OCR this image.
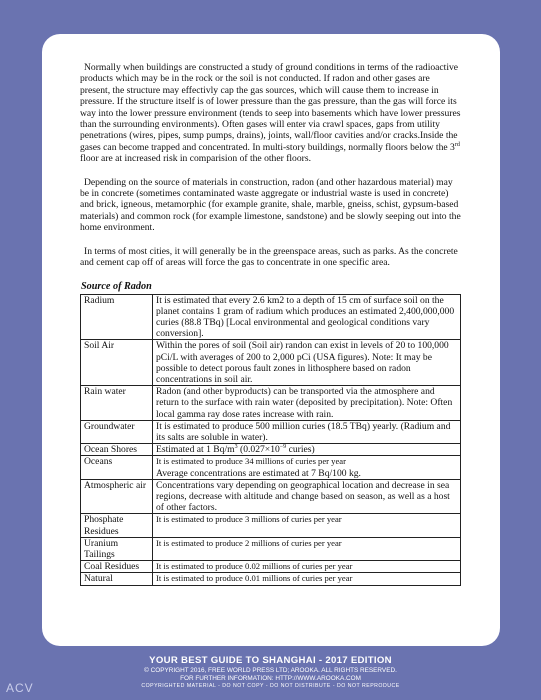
Normally when buildings are constructed a study of ground conditions in terms of the radioactive products which may be in the rock or the soil is not conducted. If radon and other gases are present, the structure may effectivly cap the gas sources, which will cause them to increase in pressure. If the structure itself is of lower pressure than the gas pressure, than the gas will force its way into the lower pressure environment (tends to seep into basements which have lower pressures than the surrounding environments). Often gases will enter via crawl spaces, gaps from utility penetrations (wires, pipes, sump pumps, drains), joints, wall/floor cavities and/or cracks.Inside the gases can become trapped and concentrated. In multi-story buildings, normally floors below the 3rd floor are at increased risk in comparision of the other floors.

Depending on the source of materials in construction, radon (and other hazardous material) may be in concrete (sometimes contaminated waste aggregate or industrial waste is used in concrete) and brick, igneous, metamorphic (for example granite, shale, marble, gneiss, schist, gypsum-based materials) and common rock (for example limestone, sandstone) and be slowly seeping out into the home environment.

In terms of most cities, it will generally be in the greenspace areas, such as parks. As the concrete and cement cap off of areas will force the gas to concentrate in one specific area.

Source of Radon
Radium	It is estimated that every 2.6 km2 to a depth of 15 cm of surface soil on the planet contains 1 gram of radium which produces an estimated 2,400,000,000 curies (88.8 TBq) [Local environmental and geological conditions vary conversion].
Soil Air	Within the pores of soil (Soil air) randon can exist in levels of 20 to 100,000 pCi/L with averages of 200 to 2,000 pCi (USA figures). Note: It may be possible to detect porous fault zones in lithosphere based on radon concentrations in soil air.
Rain water	Radon (and other byproducts) can be transported via the atmosphere and return to the surface with rain water (deposited by precipitation). Note: Often local gamma ray dose rates increase with rain.
Groundwater	It is estimated to produce 500 million curies (18.5 TBq) yearly. (Radium and its salts are soluble in water).
Ocean Shores	Estimated at 1 $Bq/m^3$ ($0.027\times 10^{-9}$ curies)
Oceans	It is estimated to produce 34 millions of curies per year
Average concentrations are estimated at 7 Bq/100 kg.

Atmospheric air	Concentrations vary depending on geographical location and decrease in sea regions, decrease with altitude and change based on season, as well as a host of other factors.
Phosphate Residues	It is estimated to produce 3 millions of curies per year
Uranium Tailings	It is estimated to produce 2 millions of curies per year
Coal Residues	It is estimated to produce 0.02 millions of curies per year
Natural	It is estimated to produce 0.01 millions of curies per year
YOUR BEST GUIDE TO SHANGHAI - 2017 EDITION
© COPYRIGHT 2016, FREE WORLD PRESS LTD; AROOKA. ALL RIGHTS RESERVED.
FOR FURTHER INFORMATION: HTTP://WWW.AROOKA.COM
COPYRIGHTED MATERIAL - DO NOT COPY - DO NOT DISTRIBUTE - DO NOT REPRODUCE
ACV
